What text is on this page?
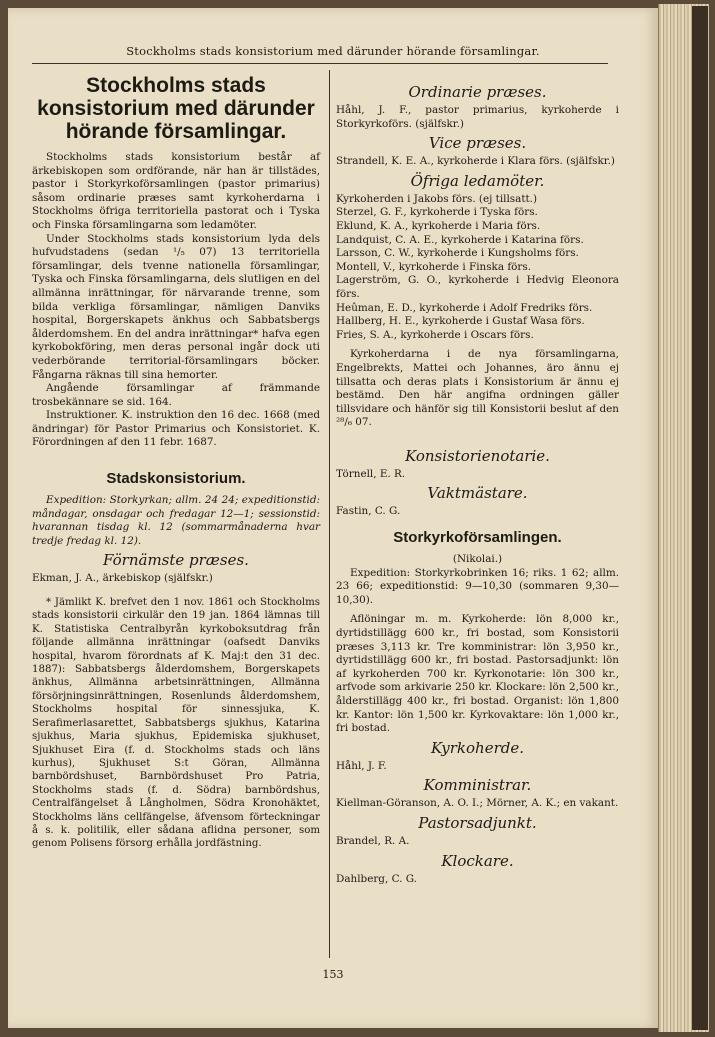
Stockholms stads konsistorium med därunder hörande församlingar.
Stockholms stads konsistorium med därunder hörande församlingar.

Stockholms stads konsistorium består af ärkebiskopen som ordförande, när han är tillstädes, pastor i Storkyrkoförsamlingen (pastor primarius) såsom ordinarie præses samt kyrkoherdarna i Stockholms öfriga territoriella pastorat och i Tyska och Finska församlingarna som ledamöter.

Under Stockholms stads konsistorium lyda dels hufvudstadens (sedan ¹/₅ 07) 13 territoriella församlingar, dels tvenne nationella församlingar, Tyska och Finska församlingarna, dels slutligen en del allmänna inrättningar, för närvarande trenne, som bilda verkliga församlingar, nämligen Danviks hospital, Borgerskapets änkhus och Sabbatsbergs ålderdomshem. En del andra inrättningar* hafva egen kyrkobokföring, men deras personal ingår dock uti vederbörande territorial-församlingars böcker. Fångarna räknas till sina hemorter.

Angående församlingar af främmande trosbekännare se sid. 164.

Instruktioner. K. instruktion den 16 dec. 1668 (med ändringar) för Pastor Primarius och Konsistoriet. K. Förordningen af den 11 febr. 1687.

Stadskonsistorium.

Expedition: Storkyrkan; allm. 24 24; expeditionstid: måndagar, onsdagar och fredagar 12—1; sessionstid: hvarannan tisdag kl. 12 (sommarmånaderna hvar tredje fredag kl. 12).

Förnämste præses.

Ekman, J. A., ärkebiskop (själfskr.)

* Jämlikt K. brefvet den 1 nov. 1861 och Stockholms stads konsistorii cirkulär den 19 jan. 1864 lämnas till K. Statistiska Centralbyrån kyrkoboksutdrag från följande allmänna inrättningar (oafsedt Danviks hospital, hvarom förordnats af K. Maj:t den 31 dec. 1887): Sabbatsbergs ålderdomshem, Borgerskapets änkhus, Allmänna arbetsinrättningen, Allmänna försörjningsinrättningen, Rosenlunds ålderdomshem, Stockholms hospital för sinnessjuka, K. Serafimerlasarettet, Sabbatsbergs sjukhus, Katarina sjukhus, Maria sjukhus, Epidemiska sjukhuset, Sjukhuset Eira (f. d. Stockholms stads och läns kurhus), Sjukhuset S:t Göran, Allmänna barnbördshuset, Barnbördshuset Pro Patria, Stockholms stads (f. d. Södra) barnbördshus, Centralfängelset å Långholmen, Södra Kronohäktet, Stockholms läns cellfängelse, äfvensom förteckningar å s. k. politilik, eller sådana aflidna personer, som genom Polisens försorg erhålla jordfästning.

Ordinarie præses.

Håhl, J. F., pastor primarius, kyrkoherde i Storkyrkoförs. (själfskr.)

Vice præses.

Strandell, K. E. A., kyrkoherde i Klara förs. (själfskr.)

Öfriga ledamöter.

Kyrkoherden i Jakobs förs. (ej tillsatt.)

Sterzel, G. F., kyrkoherde i Tyska förs.

Eklund, K. A., kyrkoherde i Maria förs.

Landquist, C. A. E., kyrkoherde i Katarina förs.

Larsson, C. W., kyrkoherde i Kungsholms förs.

Montell, V., kyrkoherde i Finska förs.

Lagerström, G. O., kyrkoherde i Hedvig Eleonora förs.

Heûman, E. D., kyrkoherde i Adolf Fredriks förs.

Hallberg, H. E., kyrkoherde i Gustaf Wasa förs.

Fries, S. A., kyrkoherde i Oscars förs.

Kyrkoherdarna i de nya församlingarna, Engelbrekts, Mattei och Johannes, äro ännu ej tillsatta och deras plats i Konsistorium är ännu ej bestämd. Den här angifna ordningen gäller tillsvidare och hänför sig till Konsistorii beslut af den ²⁸/₆ 07.

Konsistorienotarie.

Törnell, E. R.

Vaktmästare.

Fastin, C. G.

Storkyrkoförsamlingen.

(Nikolai.)

Expedition: Storkyrkobrinken 16; riks. 1 62; allm. 23 66; expeditionstid: 9—10,30 (sommaren 9,30—10,30).

Aflöningar m. m. Kyrkoherde: lön 8,000 kr., dyrtidstillägg 600 kr., fri bostad, som Konsistorii præses 3,113 kr. Tre komministrar: lön 3,950 kr., dyrtidstillägg 600 kr., fri bostad. Pastorsadjunkt: lön af kyrkoherden 700 kr. Kyrkonotarie: lön 300 kr., arfvode som arkivarie 250 kr. Klockare: lön 2,500 kr., ålderstillägg 400 kr., fri bostad. Organist: lön 1,800 kr. Kantor: lön 1,500 kr. Kyrkovaktare: lön 1,000 kr., fri bostad.

Kyrkoherde.

Håhl, J. F.

Komministrar.

Kiellman-Göranson, A. O. I.; Mörner, A. K.; en vakant.

Pastorsadjunkt.

Brandel, R. A.

Klockare.

Dahlberg, C. G.

153
